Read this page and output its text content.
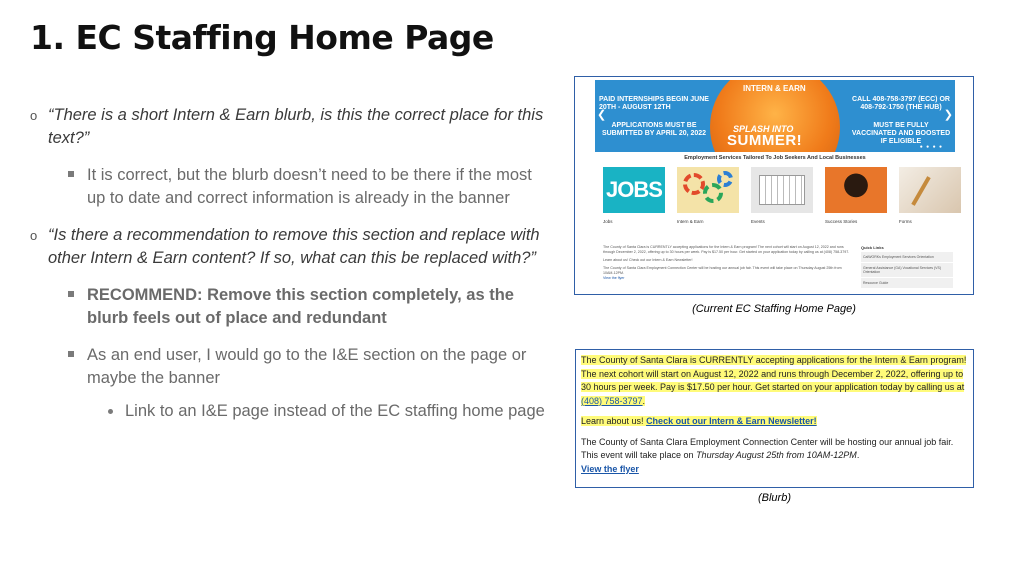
1. EC Staffing Home Page
o “There is a short Intern & Earn blurb, is this the correct place for this text?”
It is correct, but the blurb doesn’t need to be there if the most up to date and correct information is already in the banner
o “Is there a recommendation to remove this section and replace with other Intern & Earn content? If so, what can this be replaced with?”
RECOMMEND: Remove this section completely, as the blurb feels out of place and redundant
As an end user, I would go to the I&E section on the page or maybe the banner
Link to an I&E page instead of the EC staffing home page
INTERN & EARN
PAID INTERNSHIPS BEGIN JUNE 20TH - AUGUST 12TH
APPLICATIONS MUST BE SUBMITTED BY APRIL 20, 2022	SPLASH INTO
SUMMER!
CALL 408-758-3797 (ECC) OR 408-792-1750 (THE HUB)
MUST BE FULLY VACCINATED AND BOOSTED IF ELIGIBLE
❮	❯
● ● ● ●
Employment Services Tailored To Job Seekers And Local Businesses
JOBS
Jobs	Intern & Earn	Events	Success Stories	Forms

The County of Santa Clara is CURRENTLY accepting applications for the Intern & Earn program! The next cohort will start on August 12, 2022 and runs through December 2, 2022, offering up to 30 hours per week. Pay is $17.50 per hour. Get started on your application today by calling us at (408) 758-3797.

Learn about us! Check out our Intern & Earn Newsletter!

The County of Santa Clara Employment Connection Center will be hosting our annual job fair. This event will take place on Thursday August 25th from 10AM-12PM.

View the flyer
Quick Links
CalWORKs Employment Services Orientation
General Assistance (GA) Vocational Services (VS) Orientation
Resource Guide
(Current EC Staffing Home Page)

The County of Santa Clara is CURRENTLY accepting applications for the Intern & Earn program! The next cohort will start on August 12, 2022 and runs through December 2, 2022, offering up to 30 hours per week. Pay is $17.50 per hour. Get started on your application today by calling us at (408) 758-3797.

Learn about us! Check out our Intern & Earn Newsletter!

The County of Santa Clara Employment Connection Center will be hosting our annual job fair. This event will take place on Thursday August 25th from 10AM-12PM.

View the flyer
(Blurb)
